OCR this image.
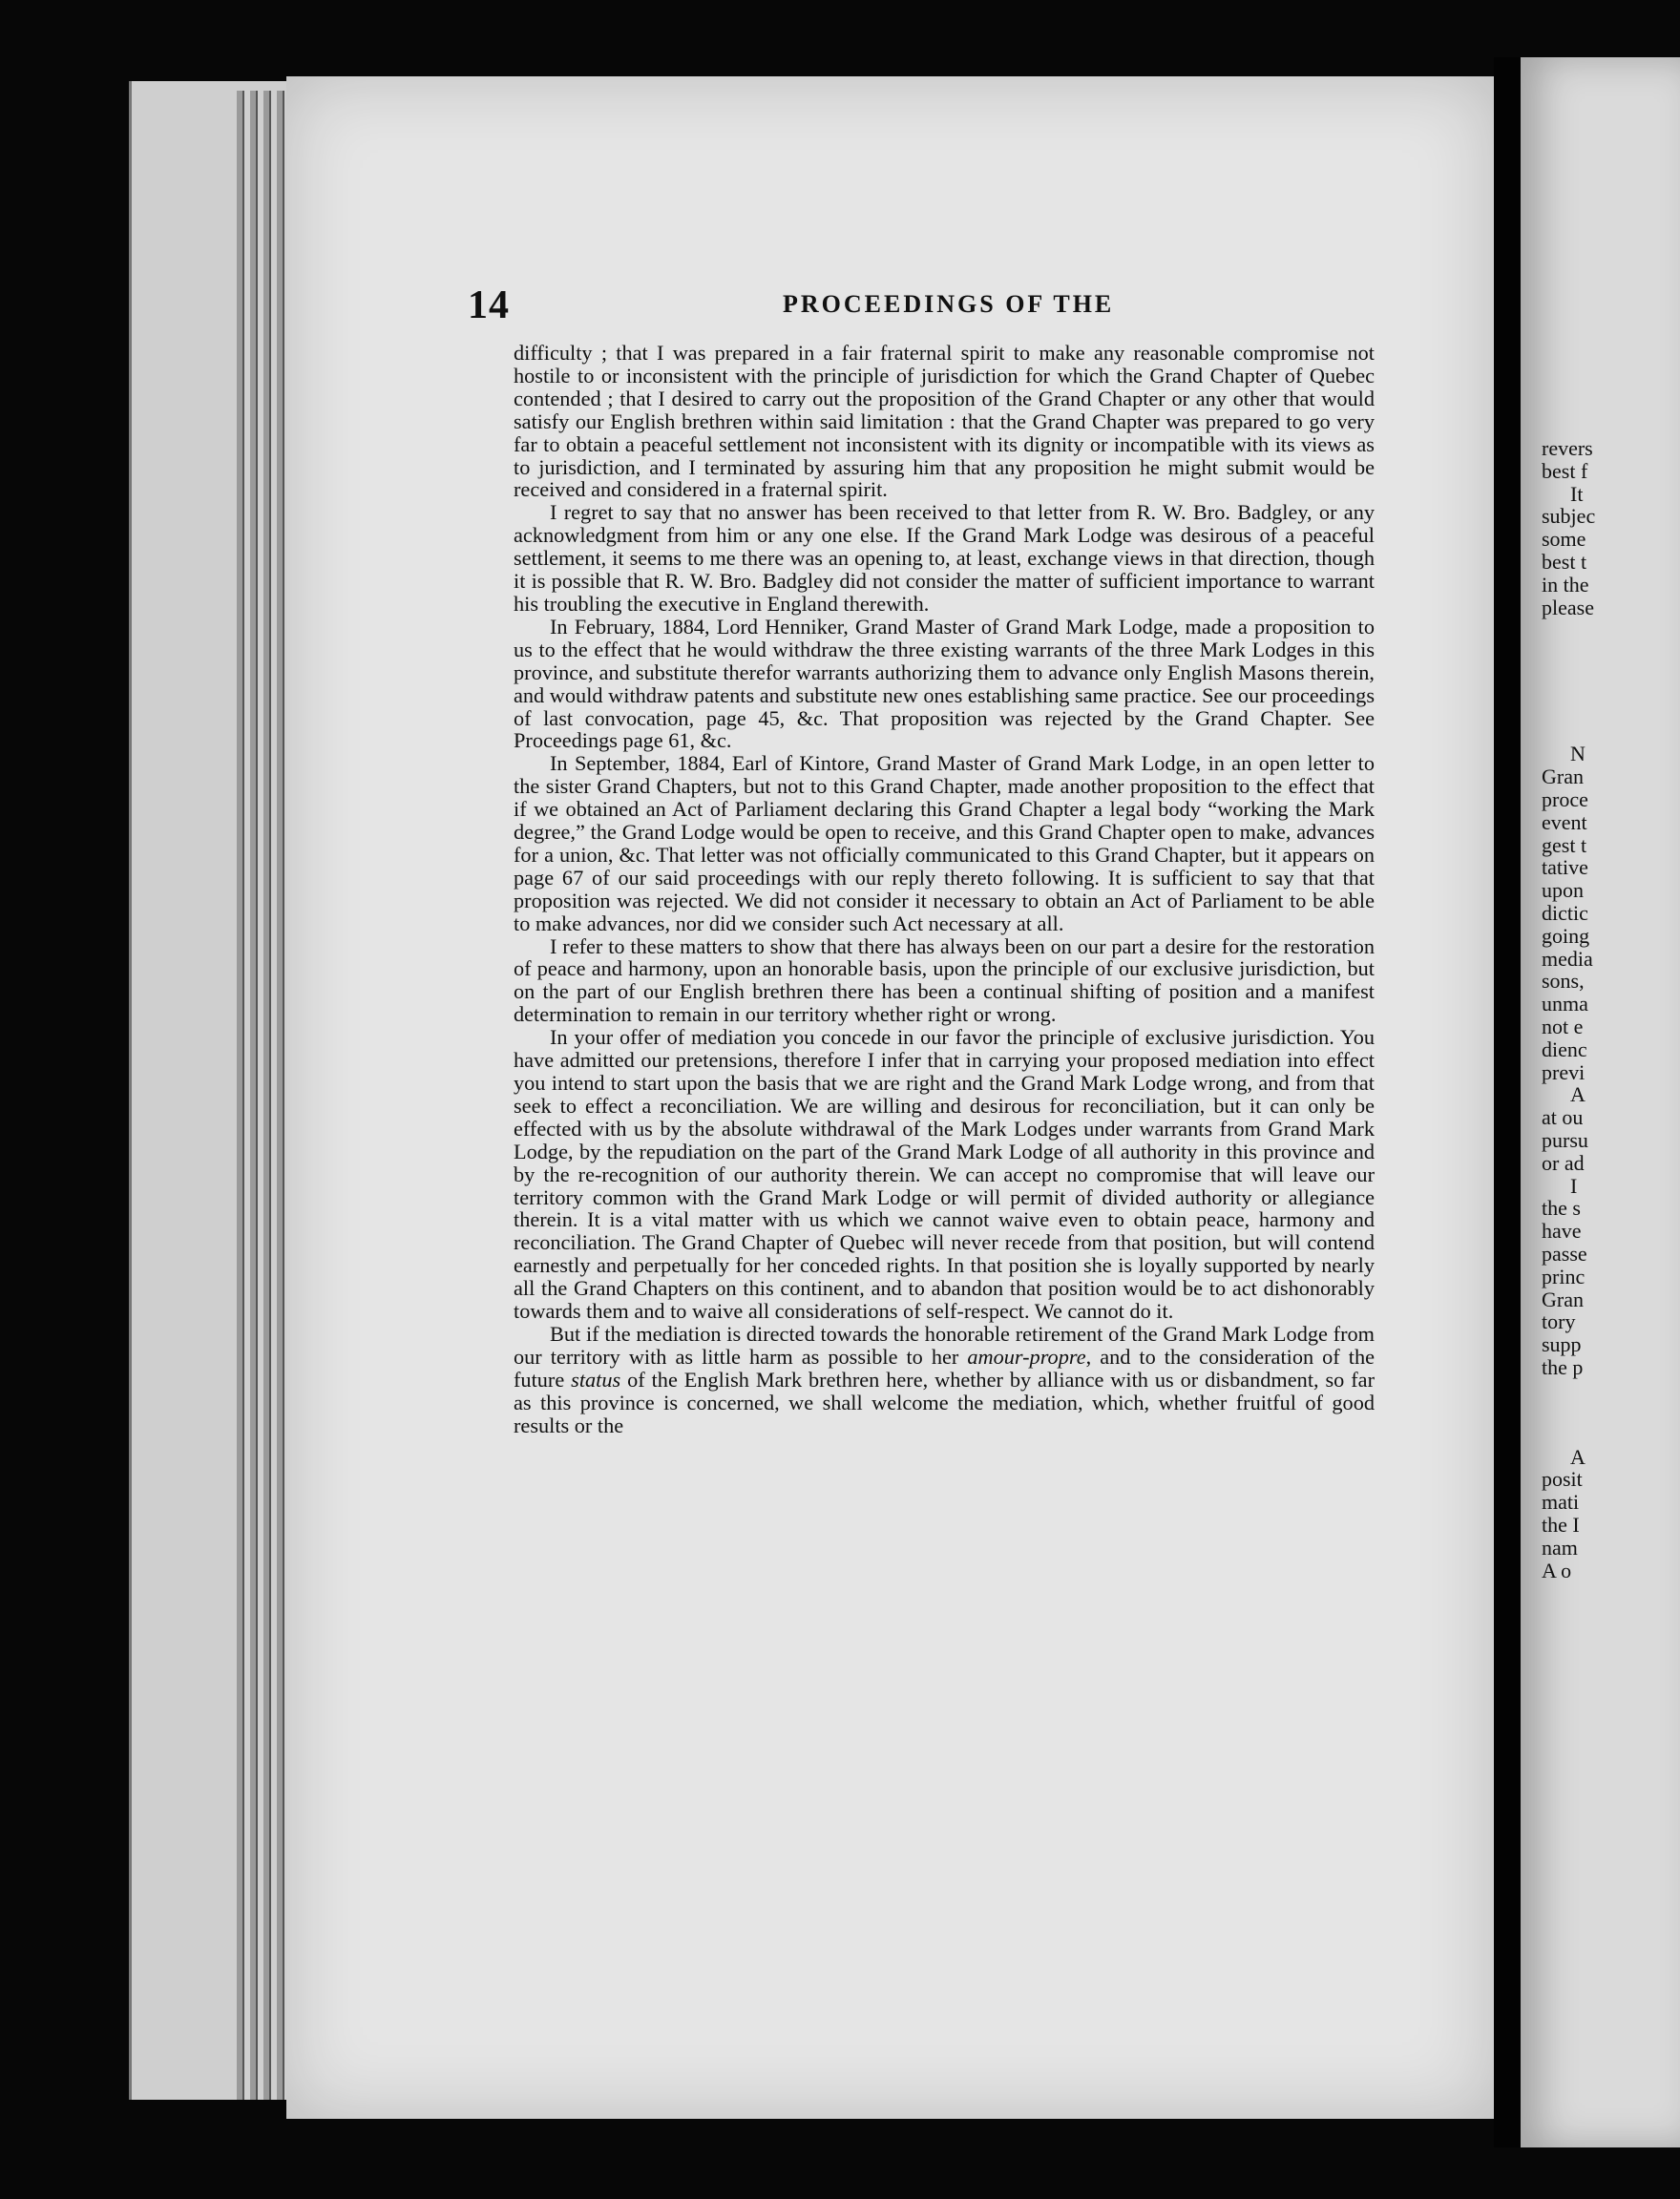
14	PROCEEDINGS OF THE

difficulty ; that I was prepared in a fair fraternal spirit to make any reasonable compromise not hostile to or inconsistent with the principle of jurisdiction for which the Grand Chapter of Quebec contended ; that I desired to carry out the proposition of the Grand Chapter or any other that would satisfy our English brethren within said limitation : that the Grand Chapter was prepared to go very far to obtain a peaceful settlement not inconsistent with its dignity or incompatible with its views as to jurisdiction, and I terminated by assuring him that any proposition he might submit would be received and considered in a fraternal spirit.

I regret to say that no answer has been received to that letter from R. W. Bro. Badgley, or any acknowledgment from him or any one else. If the Grand Mark Lodge was desirous of a peaceful settlement, it seems to me there was an opening to, at least, exchange views in that direction, though it is possible that R. W. Bro. Badgley did not consider the matter of sufficient importance to warrant his troubling the executive in England therewith.

In February, 1884, Lord Henniker, Grand Master of Grand Mark Lodge, made a proposition to us to the effect that he would withdraw the three existing warrants of the three Mark Lodges in this province, and substitute therefor warrants authorizing them to advance only English Masons therein, and would withdraw patents and substitute new ones establishing same practice. See our proceedings of last convocation, page 45, &c. That proposition was rejected by the Grand Chapter. See Proceedings page 61, &c.

In September, 1884, Earl of Kintore, Grand Master of Grand Mark Lodge, in an open letter to the sister Grand Chapters, but not to this Grand Chapter, made another proposition to the effect that if we obtained an Act of Parliament declaring this Grand Chapter a legal body “working the Mark degree,” the Grand Lodge would be open to receive, and this Grand Chapter open to make, advances for a union, &c. That letter was not officially communicated to this Grand Chapter, but it appears on page 67 of our said proceedings with our reply thereto following. It is sufficient to say that that proposition was rejected. We did not consider it necessary to obtain an Act of Parliament to be able to make advances, nor did we consider such Act necessary at all.

I refer to these matters to show that there has always been on our part a desire for the restoration of peace and harmony, upon an honorable basis, upon the principle of our exclusive jurisdiction, but on the part of our English brethren there has been a continual shifting of position and a manifest determination to remain in our territory whether right or wrong.

In your offer of mediation you concede in our favor the principle of exclusive jurisdiction. You have admitted our pretensions, therefore I infer that in carrying your proposed mediation into effect you intend to start upon the basis that we are right and the Grand Mark Lodge wrong, and from that seek to effect a reconciliation. We are willing and desirous for reconciliation, but it can only be effected with us by the absolute withdrawal of the Mark Lodges under warrants from Grand Mark Lodge, by the repudiation on the part of the Grand Mark Lodge of all authority in this province and by the re-recognition of our authority therein. We can accept no compromise that will leave our territory common with the Grand Mark Lodge or will permit of divided authority or allegiance therein. It is a vital matter with us which we cannot waive even to obtain peace, harmony and reconciliation. The Grand Chapter of Quebec will never recede from that position, but will contend earnestly and perpetually for her conceded rights. In that position she is loyally supported by nearly all the Grand Chapters on this continent, and to abandon that position would be to act dishonorably towards them and to waive all considerations of self-respect. We cannot do it.

But if the mediation is directed towards the honorable retirement of the Grand Mark Lodge from our territory with as little harm as possible to her amour-propre, and to the consideration of the future status of the English Mark brethren here, whether by alliance with us or disbandment, so far as this province is concerned, we shall welcome the mediation, which, whether fruitful of good results or the

revers
best f
It
subjec
some
best t
in the
please
N
Gran
proce
event
gest t
tative
upon
dictic
going
media
sons,
unma
not e
dienc
previ
A
at ou
pursu
or ad
I
the s
have
passe
princ
Gran
tory
supp
the p
A
posit
mati
the I
nam
A o
